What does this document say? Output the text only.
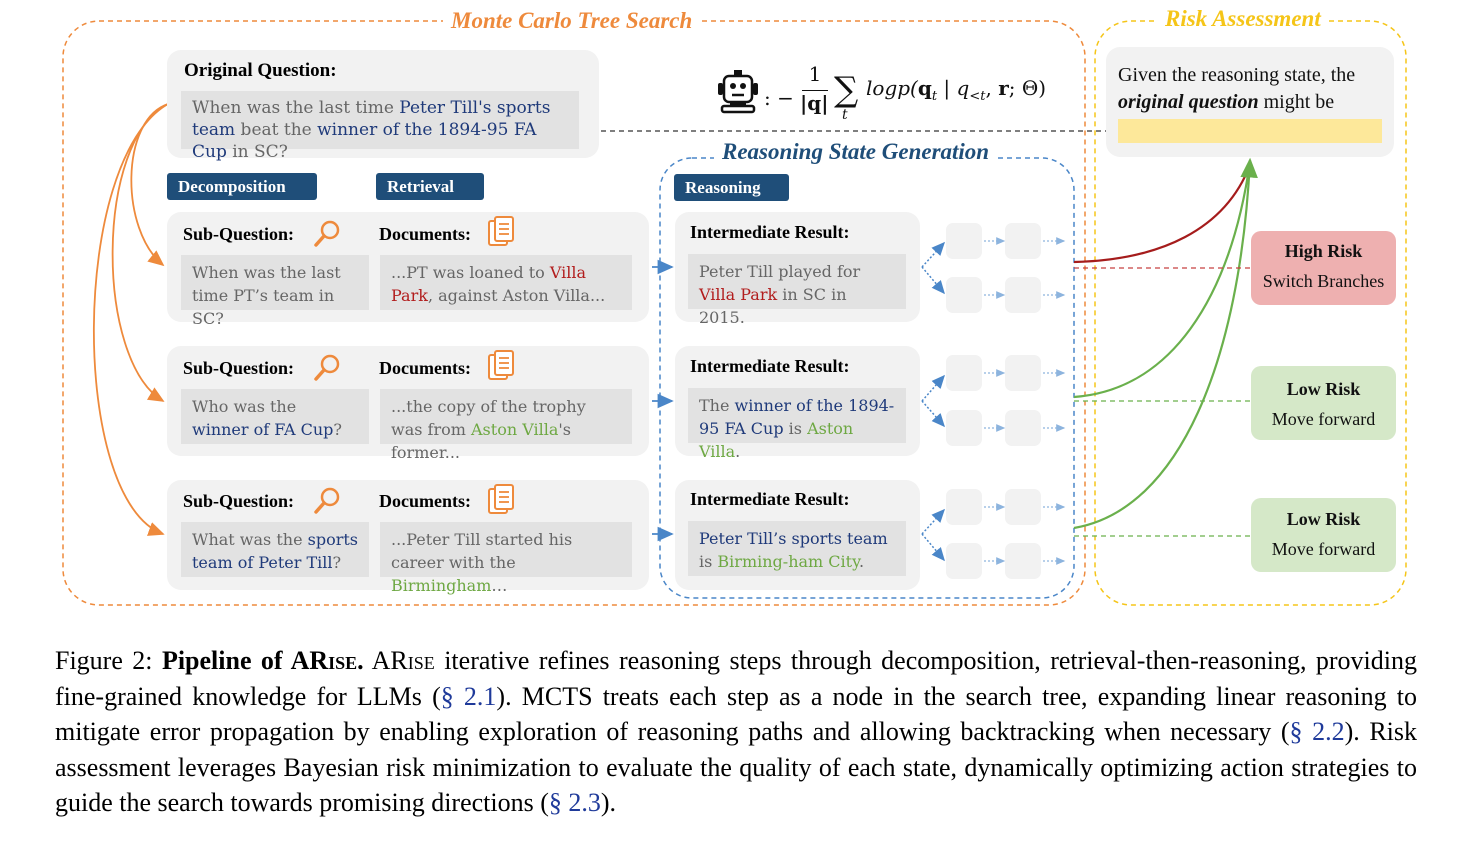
Monte Carlo Tree Search	Risk Assessment
Reasoning State Generation
: −
1
|q| ∑
t
$\log p(q_t$ | $q_{<t}$, r; Θ)
Given the reasoning state, the
original question might be
Original Question:
When was the last time Peter Till's sports team beat the winner of the 1894-95 FA Cup in SC?
Decomposition	Retrieval	Reasoning
Sub-Question:	Documents:
When was the last time PT’s team in SC?
...PT was loaned to Villa Park, against Aston Villa...
Intermediate Result:
Peter Till played for Villa Park in SC in 2015.
Sub-Question:	Documents:
Who was the
winner of FA Cup?
...the copy of the trophy was from Aston Villa's former...
Intermediate Result:
The winner of the 1894-95 FA Cup is Aston Villa.
Sub-Question:	Documents:
What was the sports team of Peter Till?
...Peter Till started his career with the Birmingham…
Intermediate Result:
Peter Till’s sports team is Birming-ham City.
High Risk
Switch Branches
Low Risk
Move forward
Low Risk
Move forward
Figure 2: Pipeline of ARise. ARise iterative refines reasoning steps through decomposition, retrieval-then-reasoning, providing fine-grained knowledge for LLMs (§ 2.1). MCTS treats each step as a node in the search tree, expanding linear reasoning to mitigate error propagation by enabling exploration of reasoning paths and allowing backtracking when necessary (§ 2.2). Risk assessment leverages Bayesian risk minimization to evaluate the quality of each state, dynamically optimizing action strategies to guide the search towards promising directions (§ 2.3).
